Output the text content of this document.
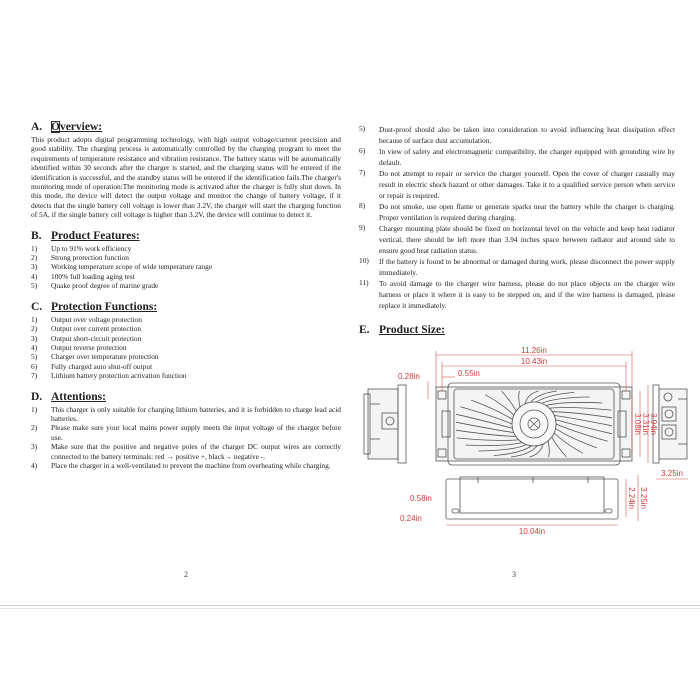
A. Overview:

This product adopts digital programming technology, with high output voltage/current precision and good stability. The charging process is automatically controlled by the charging program to meet the requirements of temperature resistance and vibration resistance. The battery status will be automatically identified within 30 seconds after the charger is started, and the charging status will be entered if the identification is successful, and the standby status will be entered if the identification fails.The charger's monitoring mode of operation:The monitoring mode is activated after the charger is fully shut down. In this mode, the device will detect the output voltage and monitor the change of battery voltage, if it detects that the single battery cell voltage is lower than 3.2V, the charger will start the charging function of 5A, if the single battery cell voltage is higher than 3.2V, the device will continue to detect it.

B. Product Features:
1)	Up to 91% work efficiency
2)	Strong protection function
3)	Working temperature scope of wide temperature range
4)	100% full loading aging test
5)	Quake proof degree of marine grade
C. Protection Functions:
1)	Output over voltage protection
2)	Output over current protection
3)	Output short-circuit protection
4)	Output reverse protection
5)	Charger over temperature protection
6)	Fully charged auto shut-off output
7)	Lithium battery protection activation function
D. Attentions:
1)	This charger is only suitable for charging lithium batteries, and it is forbidden to charge lead acid batteries.
2)	Please make sure your local mains power supply meets the input voltage of the charger before use.
3)	Make sure that the positive and negative poles of the charger DC output wires are correctly connected to the battery terminals: red → positive +, black→ negative -.
4)	Place the charger in a well-ventilated to prevent the machine from overheating while charging.
2
5)	Dust-proof should also be taken into consideration to avoid influencing heat dissipation effect because of surface dust accumulation.
6)	In view of safety and electromagnetic compatibility, the charger equipped with grounding wire by default.
7)	Do not attempt to repair or service the charger yourself. Open the cover of charger casually may result in electric shock hazard or other damages. Take it to a qualified service person when service or repair is required.
8)	Do not smoke, use open flame or generate sparks near the battery while the charger is charging. Proper ventilation is required during charging.
9)	Charger mounting plate should be fixed on horizontal level on the vehicle and keep heat radiator vertical, there should be left more than 3.94 inches space between radiator and around side to ensure good heat radiation status.
10)	If the battery is found to be abnormal or damaged during work, please disconnect the power supply immediately.
11)	To avoid damage to the charger wire harness, please do not place objects on the charger wire harness or place it where it is easy to be stepped on, and if the wire harness is damaged, please replace it immediately.
E. Product Size:
11.26in
10.43in
0.55in
0.28in
3.94in
3.31in
3.08in
3.25in
0.58in
0.24in
10.04in
2.24in 3.25in
3
